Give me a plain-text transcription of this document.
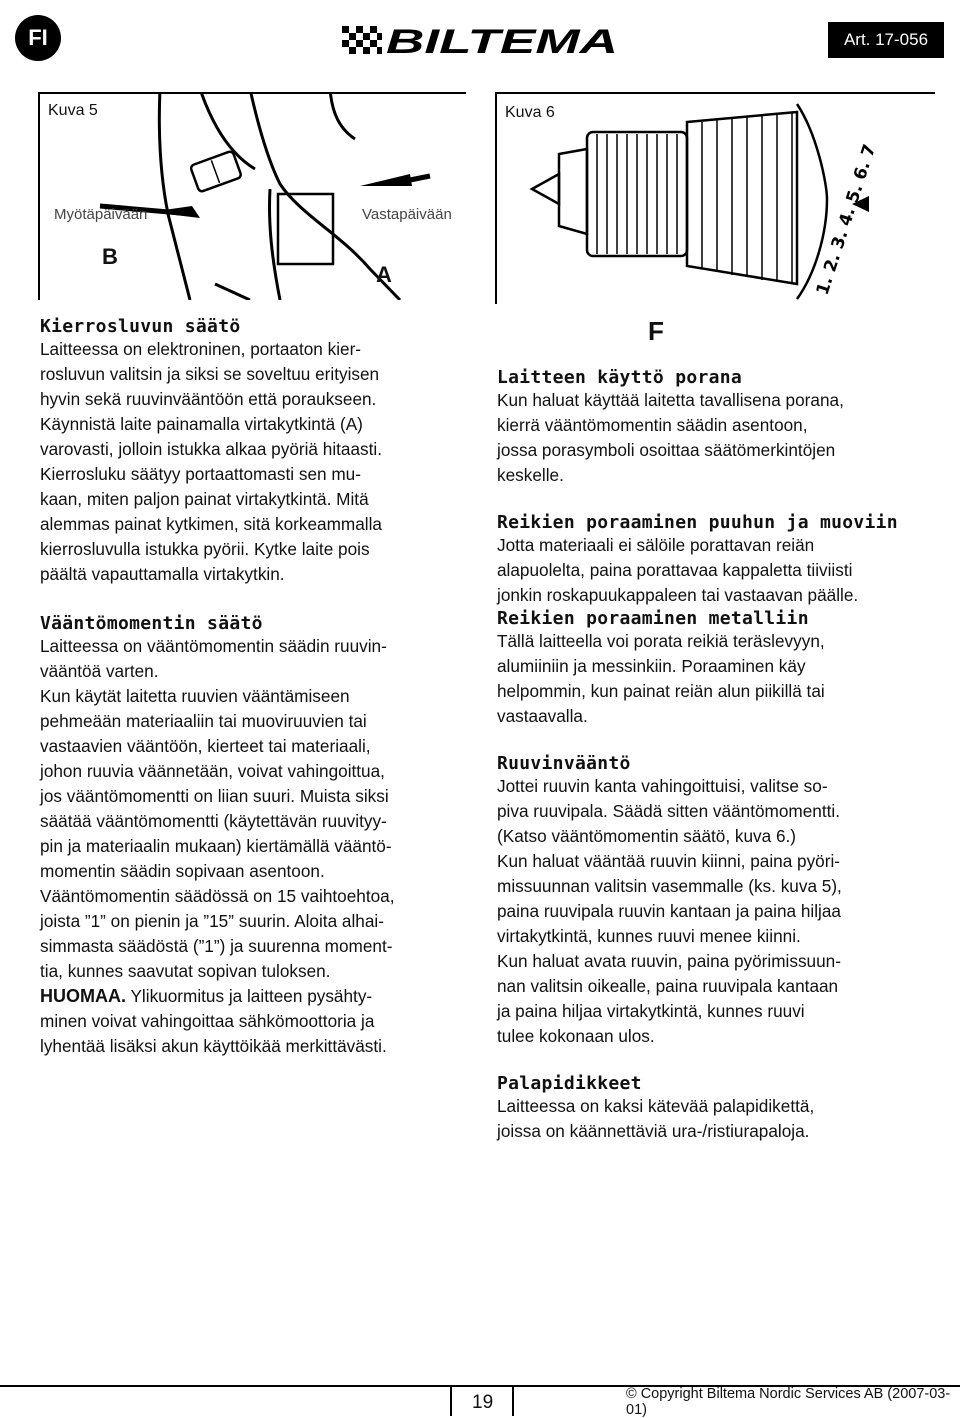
FI	BILTEMA	Art. 17-056
Kuva 5
Myötäpäivään	Vastapäivään
B
A	1. 2. 3. 4. 5. 6. 7
Kuva 6
F
Kierrosluvun säätö
Laitteessa on elektroninen, portaaton kier-
rosluvun valitsin ja siksi se soveltuu erityisen
hyvin sekä ruuvinvääntöön että poraukseen.
Käynnistä laite painamalla virtakytkintä (A)
varovasti, jolloin istukka alkaa pyöriä hitaasti.
Kierrosluku säätyy portaattomasti sen mu-
kaan, miten paljon painat virtakytkintä. Mitä
alemmas painat kytkimen, sitä korkeammalla
kierrosluvulla istukka pyörii. Kytke laite pois
päältä vapauttamalla virtakytkin.
Vääntömomentin säätö
Laitteessa on vääntömomentin säädin ruuvin-
vääntöä varten.
Kun käytät laitetta ruuvien vääntämiseen
pehmeään materiaaliin tai muoviruuvien tai
vastaavien vääntöön, kierteet tai materiaali,
johon ruuvia väännetään, voivat vahingoittua,
jos vääntömomentti on liian suuri. Muista siksi
säätää vääntömomentti (käytettävän ruuvityy-
pin ja materiaalin mukaan) kiertämällä vääntö-
momentin säädin sopivaan asentoon.
Vääntömomentin säädössä on 15 vaihtoehtoa,
joista ”1” on pienin ja ”15” suurin. Aloita alhai-
simmasta säädöstä (”1”) ja suurenna moment-
tia, kunnes saavutat sopivan tuloksen.
HUOMAA. Ylikuormitus ja laitteen pysähty-
minen voivat vahingoittaa sähkömoottoria ja
lyhentää lisäksi akun käyttöikää merkittävästi.
Laitteen käyttö porana
Kun haluat käyttää laitetta tavallisena porana,
kierrä vääntömomentin säädin asentoon,
jossa porasymboli osoittaa säätömerkintöjen
keskelle.
Reikien poraaminen puuhun ja muoviin
Jotta materiaali ei sälöile porattavan reiän
alapuolelta, paina porattavaa kappaletta tiiviisti
jonkin roskapuukappaleen tai vastaavan päälle.
Reikien poraaminen metalliin
Tällä laitteella voi porata reikiä teräslevyyn,
alumiiniin ja messinkiin. Poraaminen käy
helpommin, kun painat reiän alun piikillä tai
vastaavalla.
Ruuvinvääntö
Jottei ruuvin kanta vahingoittuisi, valitse so-
piva ruuvipala. Säädä sitten vääntömomentti.
(Katso vääntömomentin säätö, kuva 6.)
Kun haluat vääntää ruuvin kiinni, paina pyöri-
missuunnan valitsin vasemmalle (ks. kuva 5),
paina ruuvipala ruuvin kantaan ja paina hiljaa
virtakytkintä, kunnes ruuvi menee kiinni.
Kun haluat avata ruuvin, paina pyörimissuun-
nan valitsin oikealle, paina ruuvipala kantaan
ja paina hiljaa virtakytkintä, kunnes ruuvi
tulee kokonaan ulos.
Palapidikkeet
Laitteessa on kaksi kätevää palapidikettä,
joissa on käännettäviä ura-/ristiurapaloja.
19	© Copyright Biltema Nordic Services AB (2007-03-01)
